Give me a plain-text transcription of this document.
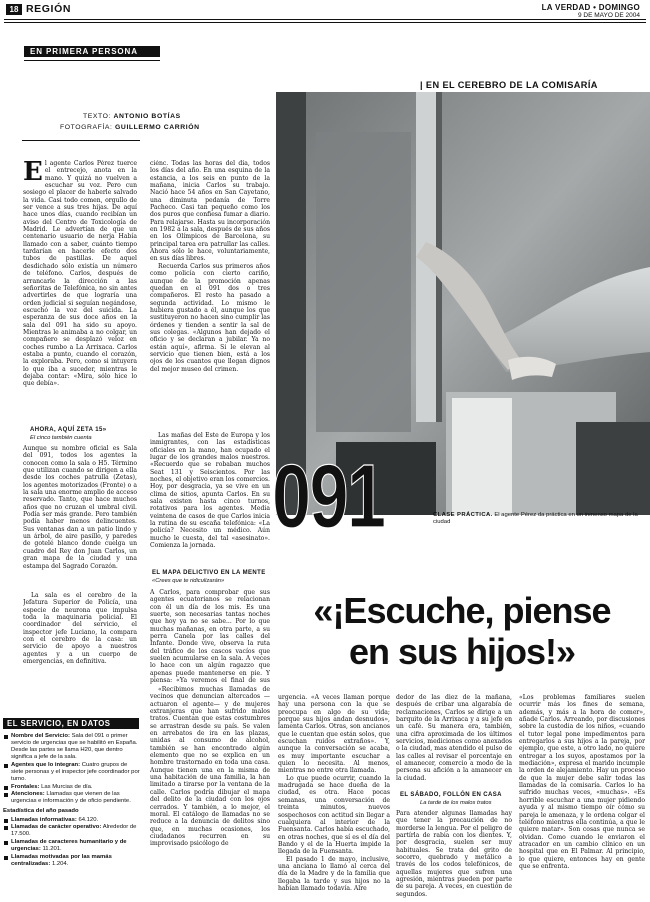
18 REGIÓN	LA VERDAD • DOMINGO
9 DE MAYO DE 2004
EN PRIMERA PERSONA
| EN EL CEREBRO DE LA COMISARÍA
TEXTO: ANTONIO BOTÍAS
FOTOGRAFÍA: GUILLERMO CARRIÓN
El agente Carlos Pérez tuerce el entrecejo, anota en la mano. Y quizá no vuelven a escuchar su voz. Pero cun sosiego el placer de haberle salvado la vida. Casi todo comen, orgullo de ser vence a sus tres hijas. De aquí hace unos días, cuando recibían un aviso del Centro de Toxicología de Madrid. Le advertían de que un centenario usuario de nerja Había llamado con a saber, cuánto tiempo tardarían en hacerle efecto dos tubos de pastillas. De aquel desdichado sólo existía un número de teléfono. Carlos, después de arrancarle la dirección a las señoritas de Telefónica, no sin antes advertirles de que lograría una orden judicial si seguían negándose, escuchó la voz del suicida. La esperanza de sus doce años en la sala del 091 ha sido su apoyo. Mientras le animaba a no colgar, un compañero se desplazó veloz en coches rumbo a La Arrixaca. Carlos estaba a punto, cuando el corazón, la exploraba. Pero, como si intuyera lo que iba a suceder, mientras le dejaba contar: «Mira, sólo hice lo que debía».
AHORA, AQUÍ ZETA 15»
El cinco también cuenta

Aunque su nombre oficial es Sala del 091, todos los agentes la conocen como la sala o H5. Término que utilizan cuando se dirigen a ella desde los coches patrulla (Zetas), los agentes motorizados (Fronte) o a la sala una enorme amplio de acceso reservado. Tanto, que hace muchos años que no cruzan el umbral civil. Podía ser más grande. Pero también podía haber menos delincuentes. Sus ventanas dan a un patio lindo y un árbol, de aire pasillo, y paredes de gotelé blanco donde cuelga un cuadro del Rey don Juan Carlos, un gran mapa de la ciudad y una estampa del Sagrado Corazón.

La sala es el cerebro de la Jefatura Superior de Policía, una especie de neurona que impulsa toda la maquinaria policial. El coordinador del servicio, el inspector jefe Luciano, la compara con el cerebro de la casa: un servicio de apoyo a nuestros agentes y a un cuerpo de emergencias, en definitiva.

EL SERVICIO, EN DATOS
Nombre del Servicio: Sala del 091 o primer servicio de urgencias que se habilitó en España. Desde las partes se llama H20, que dentro significa a jefe de la sala.
Agentes que lo integran: Cuatro grupos de siete personas y el inspector jefe coordinador por turno.
Frontales: Las Murcias de día.
Atenciones: Llamadas que vienen de las urgencias e información y de oficio pendiente.
Estadística del año pasado
Llamadas informativas: 64.120.
Llamadas de carácter operativo: Alrededor de 17.500.
Llamadas de caracteres humanitario y de urgencias: 11.201.
Llamadas motivadas por las mamás centralizadas: 1.204.

ciénc. Todas las horas del día, todos los días del año. En una esquina de la estancia, a los seis en punto de la mañana, inicia Carlos su trabajo. Nació hace 54 años en San Cayetano, una diminuta pedanía de Torre Pacheco. Casi tan pequeño como los dos puros que confiesa fumar a diario. Para relajarse. Hasta su incorporación en 1982 a la sala, después de sus años en los Olímpicos de Barcelona, su principal tarea era patrullar las calles. Ahora sólo le hace, voluntariamente, en sus días libres.

Recuerda Carlos sus primeros años como policía con cierto cariño, aunque de la promoción apenas quedan en el 091 dos o tres compañeros. El resto ha pasado a segunda actividad. Lo mismo le hubiera gustado a él, aunque los que sustituyeron no hacen sino cumplir las órdenes y tienden a sentir la sal de sus colegas. «Algunos han dejado el oficio y se declaran a jubilar. Ya no están aquí», afirma. Si le elevan al servicio que tienen bien, está a los ojos de los cuantos que llegan dignos del mejor museo del crimen.

Las mañas del Este de Europa y los inmigrantes, con las estadísticas oficiales en la mano, han ocupado el lugar de los grandes malos nuestros. «Recuerdo que se robaban muchos Seat 131 y Seiscientos. Por las noches, el objetivo eran los comercios. Hoy, por desgracia, ya se vive en un clima de sitios, apunta Carlos. En su sala existen hasta cinco turnos, rotativos para los agentes. Media veintena de casos de que Carlos inicia la rutina de su escaña telefónica: «La policía? Necesito un médico. Aún mucho le cuesta, del tal «asesinato». Comienza la jornada.

EL MAPA DELICTIVO EN LA MENTE
«Crees que te ridiculizarán»

A Carlos, para comprobar que sus agentes ecuatorianos se relacionan con él un día de los mis. Es una suerte, son necesarias tantas noches que hoy ya no se sabe... Por lo que muchas mañanas, en otra parte, a su perra Canela por las calles del Infante. Donde vive, observa la ruta del tráfico de los cascos vacíos que suelen acumularse en la sala. A veces lo hace con un algún ragazzo que apenas puede mantenerse en pie. Y piensa: «Ya veremos el final de sus

«Recibimos muchas llamadas de vecinos que denuncian altercados —actuaron el agente— y de mujeres extranjeras que han sufrido malos tratos. Cuentan que estas costumbres se arrastran desde su país. Se valen en arrebatos de ira en las plazas, unidas al consumo de alcohol, también se han encontrado algún elemento que no se explica en un hombre trastornado en toda una casa. Aunque tienen una en la misma de una habitación de una familia, la han limitado a tirarse por la ventana de la calle. Carlos podría dibujar el mapa del delito de la ciudad con los ojos cerrados. Y también, a lo mejor, el moral. El catálogo de llamadas no se reduce a la denuncia de delitos sino que, en muchas ocasiones, los ciudadanos recurren en su improvisado psicólogo de

CLASE PRÁCTICA. El agente Pérez da práctica en un inmenso mapa de la ciudad
091
«¡Escuche, piense
en sus hijos!»

urgencia. «A veces llaman porque hay una persona con la que se preocupa en algo de su vida; porque sus hijos andan desnudos», lamenta Carlos. Otras, son ancianos que le cuentan que están solos, que escuchan ruidos extraños». Y, aunque la conversación se acaba, es muy importante escuchar a quien lo necesita. Al menos, mientras no entre otra llamada.

Lo que puede ocurrir, cuando la madrugada se hace dueña de la ciudad, es otra. Hace pocas semanas, una conversación de treinta minutos, nuevos sospechosos con actitud sin llegar a cualquiera al interior de la Fuensanta. Carlos había escuchado, en otras noches, que sí es el día del Bando y el de la Huerta impide la llegada de la Fuensanta.

El pasado 1 de mayo, inclusive, una anciana lo llamó al cerca del día de la Madre y de la familia que llegaba la tarde y sus hijos no la habían llamado todavía. Alre

dedor de las diez de la mañana, después de cribar una algarabía de reclamaciones, Carlos se dirige a un barquito de la Arrixaca y a su jefe en un café. Su manera era, también, una cifra aproximada de los últimos servicios, mediciones como anexados o la ciudad, mas atendido el pulso de las calles al revisar el porcentaje en el amanecer, comercio a modo de la persona su afición a la amanecer en la ciudad.

EL SÁBADO, FOLLÓN EN CASA
La tarde de los malos tratos

Para atender algunas llamadas hay que tener la precaución de no morderse la lengua. Por el peligro de partírla de rabia con los dientes. Y, por desgracia, suelen ser muy habituales. Se trata del grito de socorro, quebrado y metálico a través de los codos telefónicos, de aquellas mujeres que sufren una agresión, mientras pueden por parte de su pareja. A veces, en cuestión de segundos.

«Los problemas familiares suelen ocurrir más los fines de semana, además, y más a la hora de comer», añade Carlos. Arreando, por discusiones sobre la custodia de los niños, «cuando el tutor legal pone impedimentos para entregarlos a sus hijos a la pareja, por ejemplo, que este, a otro lado, no quiere entregar a los suyos, apostamos por la mediación», expresa el marido incumple la orden de alejamiento. Hay un proceso de que la mujer debe salir todas las llamadas de la comisaría. Carlos lo ha sufrido muchas veces, «muchas». «Es horrible escuchar a una mujer pidiendo ayuda y al mismo tiempo oír cómo su pareja le amenaza, y le ordena colgar el teléfono mientras ella continúa, a que le quiere matar». Son cosas que nunca se olvidan. Como cuando le enviaron el atracador en un cambio clínico en un hospital que en El Palmar. Al principio, lo que quiere, entonces hay en gente que se enfrenta.
